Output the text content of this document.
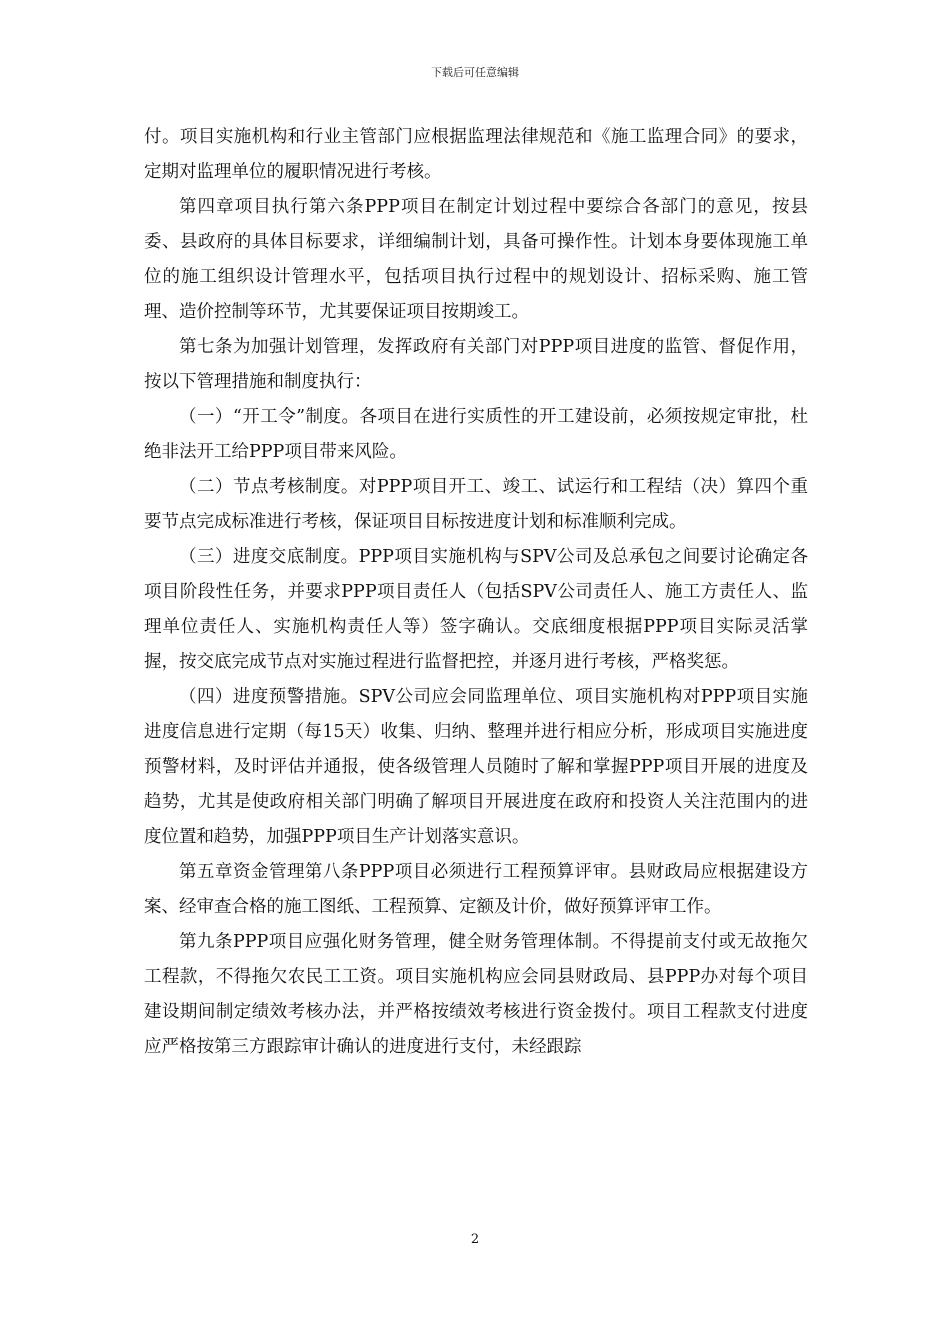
下载后可任意编辑

付。项目实施机构和行业主管部门应根据监理法律规范和《施工监理合同》的要求，定期对监理单位的履职情况进行考核。

第四章项目执行第六条PPP项目在制定计划过程中要综合各部门的意见，按县委、县政府的具体目标要求，详细编制计划，具备可操作性。计划本身要体现施工单位的施工组织设计管理水平，包括项目执行过程中的规划设计、招标采购、施工管理、造价控制等环节，尤其要保证项目按期竣工。

第七条为加强计划管理，发挥政府有关部门对PPP项目进度的监管、督促作用，按以下管理措施和制度执行：

（一）“开工令”制度。各项目在进行实质性的开工建设前，必须按规定审批，杜绝非法开工给PPP项目带来风险。

（二）节点考核制度。对PPP项目开工、竣工、试运行和工程结（决）算四个重要节点完成标准进行考核，保证项目目标按进度计划和标准顺利完成。

（三）进度交底制度。PPP项目实施机构与SPV公司及总承包之间要讨论确定各项目阶段性任务，并要求PPP项目责任人（包括SPV公司责任人、施工方责任人、监理单位责任人、实施机构责任人等）签字确认。交底细度根据PPP项目实际灵活掌握，按交底完成节点对实施过程进行监督把控，并逐月进行考核，严格奖惩。

（四）进度预警措施。SPV公司应会同监理单位、项目实施机构对PPP项目实施进度信息进行定期（每15天）收集、归纳、整理并进行相应分析，形成项目实施进度预警材料，及时评估并通报，使各级管理人员随时了解和掌握PPP项目开展的进度及趋势，尤其是使政府相关部门明确了解项目开展进度在政府和投资人关注范围内的进度位置和趋势，加强PPP项目生产计划落实意识。

第五章资金管理第八条PPP项目必须进行工程预算评审。县财政局应根据建设方案、经审查合格的施工图纸、工程预算、定额及计价，做好预算评审工作。

第九条PPP项目应强化财务管理，健全财务管理体制。不得提前支付或无故拖欠工程款，不得拖欠农民工工资。项目实施机构应会同县财政局、县PPP办对每个项目建设期间制定绩效考核办法，并严格按绩效考核进行资金拨付。项目工程款支付进度应严格按第三方跟踪审计确认的进度进行支付，未经跟踪

2
